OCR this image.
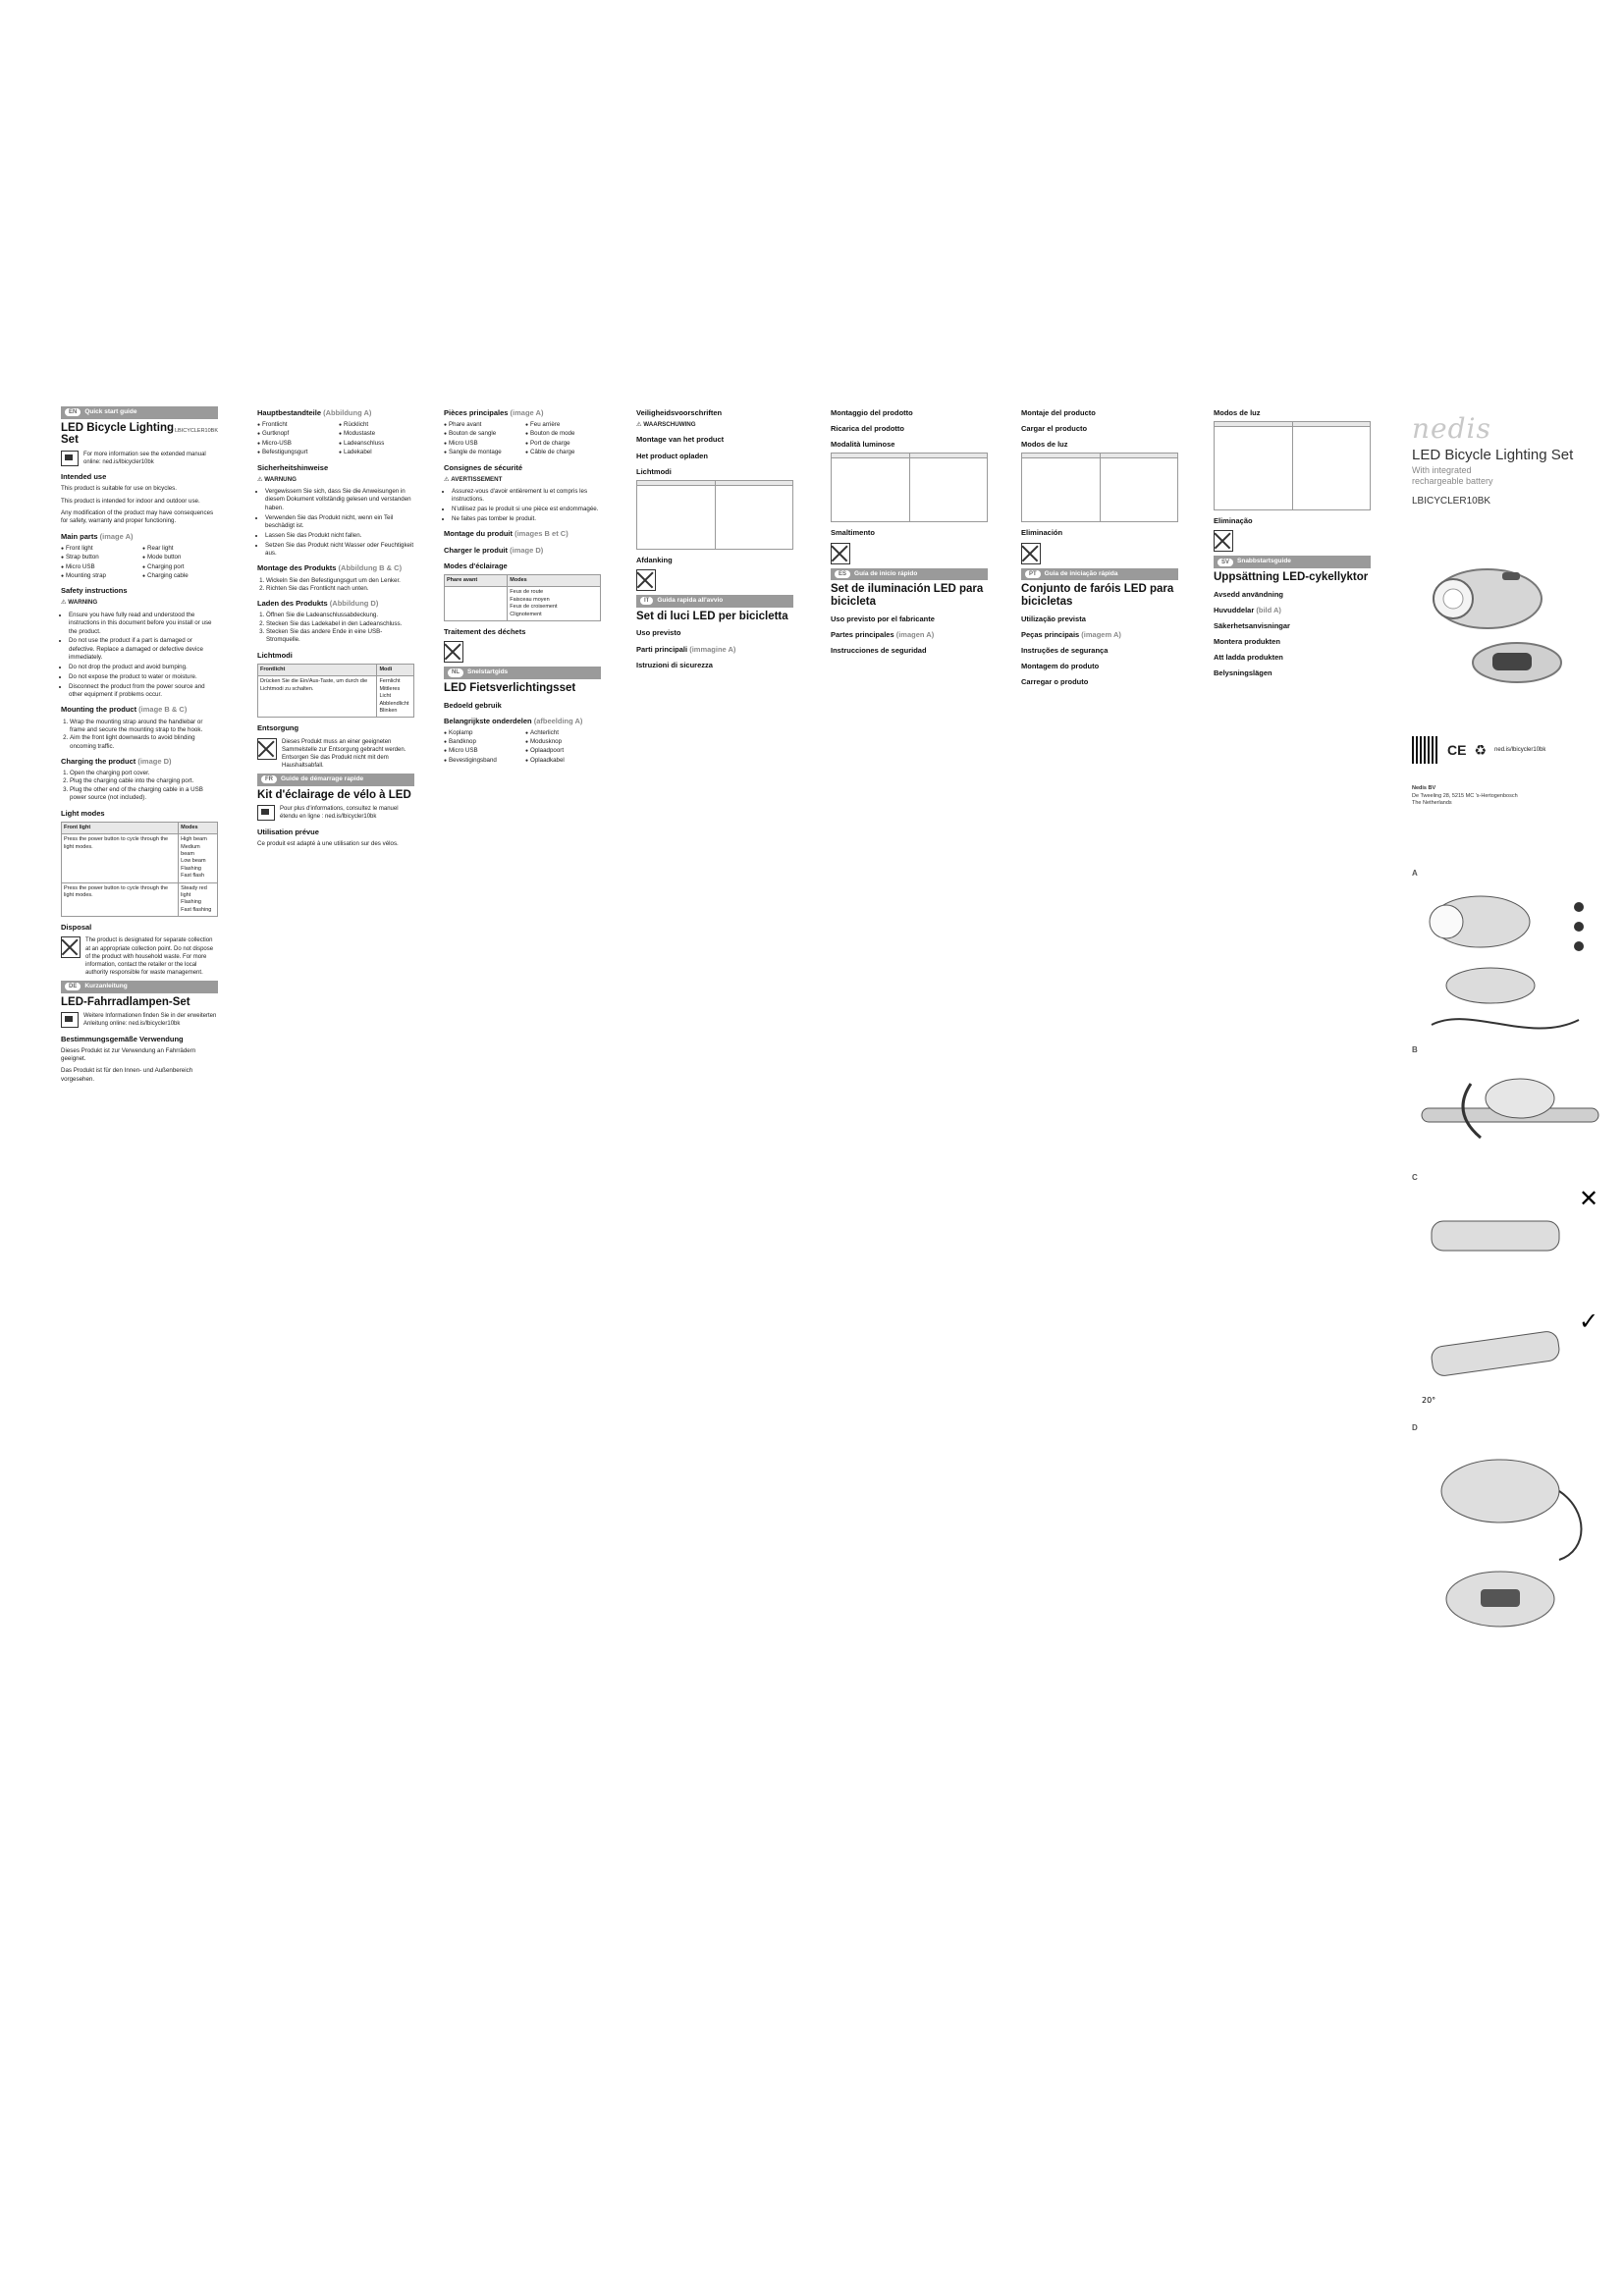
EN	Quick start guide
LBICYCLER10BK
LED Bicycle Lighting Set
For more information see the extended manual online: ned.is/lbicycler10bk
Intended use

This product is suitable for use on bicycles.

This product is intended for indoor and outdoor use.

Any modification of the product may have consequences for safety, warranty and proper functioning.

Main parts (image A)
● Front light	● Rear light
● Strap button	● Mode button
● Micro USB	● Charging port
● Mounting strap	● Charging cable
Safety instructions

⚠ WARNING

• Ensure you have fully read and understood the instructions in this document before you install or use the product.
• Do not use the product if a part is damaged or defective. Replace a damaged or defective device immediately.
• Do not drop the product and avoid bumping.
• Do not expose the product to water or moisture.
• Disconnect the product from the power source and other equipment if problems occur.
Mounting the product (image B & C)
1. Wrap the mounting strap around the handlebar or frame and secure the mounting strap to the hook.
2. Aim the front light downwards to avoid blinding oncoming traffic.
Charging the product (image D)
1. Open the charging port cover.
2. Plug the charging cable into the charging port.
3. Plug the other end of the charging cable in a USB power source (not included).
Light modes
Front light	Modes
Press the power button to cycle through the light modes.	High beam
Medium beam
Low beam
Flashing
Fast flash

Press the power button to cycle through the light modes.	Steady red light
Flashing
Fast flashing
Disposal
The product is designated for separate collection at an appropriate collection point. Do not dispose of the product with household waste. For more information, contact the retailer or the local authority responsible for waste management.
DE	Kurzanleitung
LED-Fahrradlampen-Set
Weitere Informationen finden Sie in der erweiterten Anleitung online: ned.is/lbicycler10bk
Bestimmungsgemäße Verwendung

Dieses Produkt ist zur Verwendung an Fahrrädern geeignet.

Das Produkt ist für den Innen- und Außenbereich vorgesehen.

Hauptbestandteile (Abbildung A)
● Frontlicht	● Rücklicht
● Gurtknopf	● Modustaste
● Micro-USB	● Ladeanschluss
● Befestigungsgurt	● Ladekabel
Sicherheitshinweise

⚠ WARNUNG

• Vergewissern Sie sich, dass Sie die Anweisungen in diesem Dokument vollständig gelesen und verstanden haben.
• Verwenden Sie das Produkt nicht, wenn ein Teil beschädigt ist.
• Lassen Sie das Produkt nicht fallen.
• Setzen Sie das Produkt nicht Wasser oder Feuchtigkeit aus.
Montage des Produkts (Abbildung B & C)
1. Wickeln Sie den Befestigungsgurt um den Lenker.
2. Richten Sie das Frontlicht nach unten.
Laden des Produkts (Abbildung D)
1. Öffnen Sie die Ladeanschlussabdeckung.
2. Stecken Sie das Ladekabel in den Ladeanschluss.
3. Stecken Sie das andere Ende in eine USB-Stromquelle.
Lichtmodi
Frontlicht	Modi
Drücken Sie die Ein/Aus-Taste, um durch die Lichtmodi zu schalten.	Fernlicht
Mittleres Licht
Abblendlicht
Blinken
Entsorgung
Dieses Produkt muss an einer geeigneten Sammelstelle zur Entsorgung gebracht werden. Entsorgen Sie das Produkt nicht mit dem Haushaltsabfall.
FR	Guide de démarrage rapide
Kit d'éclairage de vélo à LED
Pour plus d'informations, consultez le manuel étendu en ligne : ned.is/lbicycler10bk
Utilisation prévue

Ce produit est adapté à une utilisation sur des vélos.

Pièces principales (image A)
● Phare avant	● Feu arrière
● Bouton de sangle	● Bouton de mode
● Micro USB	● Port de charge
● Sangle de montage	● Câble de charge
Consignes de sécurité

⚠ AVERTISSEMENT

• Assurez-vous d'avoir entièrement lu et compris les instructions.
• N'utilisez pas le produit si une pièce est endommagée.
• Ne faites pas tomber le produit.
Montage du produit (images B et C)
Charger le produit (image D)
Modes d'éclairage
Phare avant	Modes

	Feux de route
Faisceau moyen
Feux de croisement
Clignotement
Traitement des déchets
NL	Snelstartgids
LED Fietsverlichtingsset
Bedoeld gebruik
Belangrijkste onderdelen (afbeelding A)
● Koplamp	● Achterlicht
● Bandknop	● Modusknop
● Micro USB	● Oplaadpoort
● Bevestigingsband	● Oplaadkabel
Veiligheidsvoorschriften

⚠ WAARSCHUWING

Montage van het product
Het product opladen
Lichtmodi

Afdanking
IT	Guida rapida all'avvio
Set di luci LED per bicicletta
Uso previsto
Parti principali (immagine A)
Istruzioni di sicurezza
Montaggio del prodotto
Ricarica del prodotto
Modalità luminose

Smaltimento
ES	Guía de inicio rápido
Set de iluminación LED para bicicleta
Uso previsto por el fabricante
Partes principales (imagen A)
Instrucciones de seguridad
Montaje del producto
Cargar el producto
Modos de luz

Eliminación
PT	Guia de iniciação rápida
Conjunto de faróis LED para bicicletas
Utilização prevista
Peças principais (imagem A)
Instruções de segurança
Montagem do produto
Carregar o produto
Modos de luz

Eliminação
SV	Snabbstartsguide
Uppsättning LED-cykellyktor
Avsedd användning
Huvuddelar (bild A)
Säkerhetsanvisningar
Montera produkten
Att ladda produkten
Belysningslägen
nedis
LED Bicycle Lighting Set
With integrated
rechargeable battery
LBICYCLER10BK
CE ♻ ned.is/lbicycler10bk
Nedis BV
De Tweeling 28, 5215 MC 's-Hertogenbosch
The Netherlands
A
B
C
✕
✓
20°
D
